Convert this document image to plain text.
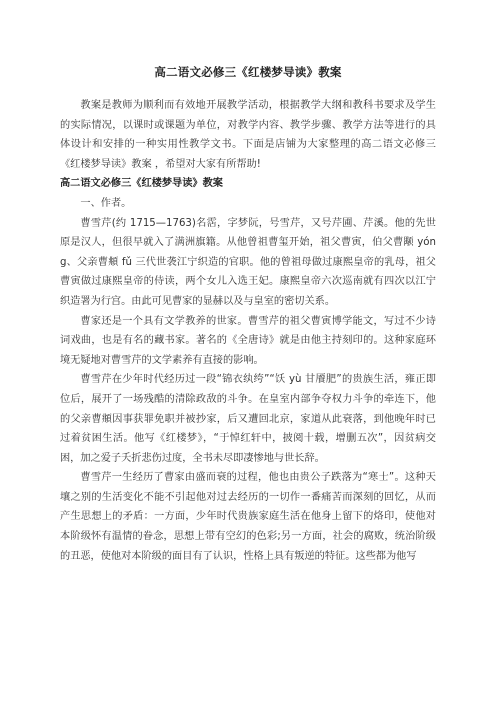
高二语文必修三《红楼梦导读》教案

教案是教师为顺利而有效地开展教学活动，根据教学大纲和教科书要求及学生的实际情况，以课时或课题为单位，对教学内容、教学步骤、教学方法等进行的具体设计和安排的一种实用性教学文书。下面是店铺为大家整理的高二语文必修三《红楼梦导读》教案 ，希望对大家有所帮助!

高二语文必修三《红楼梦导读》教案

一、作者。

曹雪芹(约 1715—1763)名霑，字梦阮，号雪芹，又号芹圃、芹溪。他的先世原是汉人，但很早就入了满洲旗籍。从他曾祖曹玺开始，祖父曹寅，伯父曹颙 yóng、父亲曹頫 fǔ 三代世袭江宁织造的官职。他的曾祖母做过康熙皇帝的乳母，祖父曹寅做过康熙皇帝的侍读，两个女儿入选王妃。康熙皇帝六次巡南就有四次以江宁织造署为行宫。由此可见曹家的显赫以及与皇室的密切关系。

曹家还是一个具有文学教养的世家。曹雪芹的祖父曹寅博学能文，写过不少诗词戏曲，也是有名的藏书家。著名的《全唐诗》就是由他主持刻印的。这种家庭环境无疑地对曹雪芹的文学素养有直接的影响。

曹雪芹在少年时代经历过一段“锦衣纨绔”“饫 yù 甘餍肥”的贵族生活，雍正即位后，展开了一场残酷的清除政敌的斗争。在皇室内部争夺权力斗争的牵连下，他的父亲曹頫因事获罪免职并被抄家，后又遭回北京，家道从此衰落，到他晚年时已过着贫困生活。他写《红楼梦》，“于悼红轩中，披阅十载，增删五次”，因贫病交困，加之爱子夭折悲伤过度，全书未尽即凄惨地与世长辞。

曹雪芹一生经历了曹家由盛而衰的过程，他也由贵公子跌落为“寒士”。这种天壤之别的生活变化不能不引起他对过去经历的一切作一番痛苦而深刻的回忆，从而产生思想上的矛盾：一方面，少年时代贵族家庭生活在他身上留下的烙印，使他对本阶级怀有温情的眷念，思想上带有空幻的色彩;另一方面，社会的腐败，统治阶级的丑恶，使他对本阶级的面目有了认识，性格上具有叛逆的特征。这些都为他写
